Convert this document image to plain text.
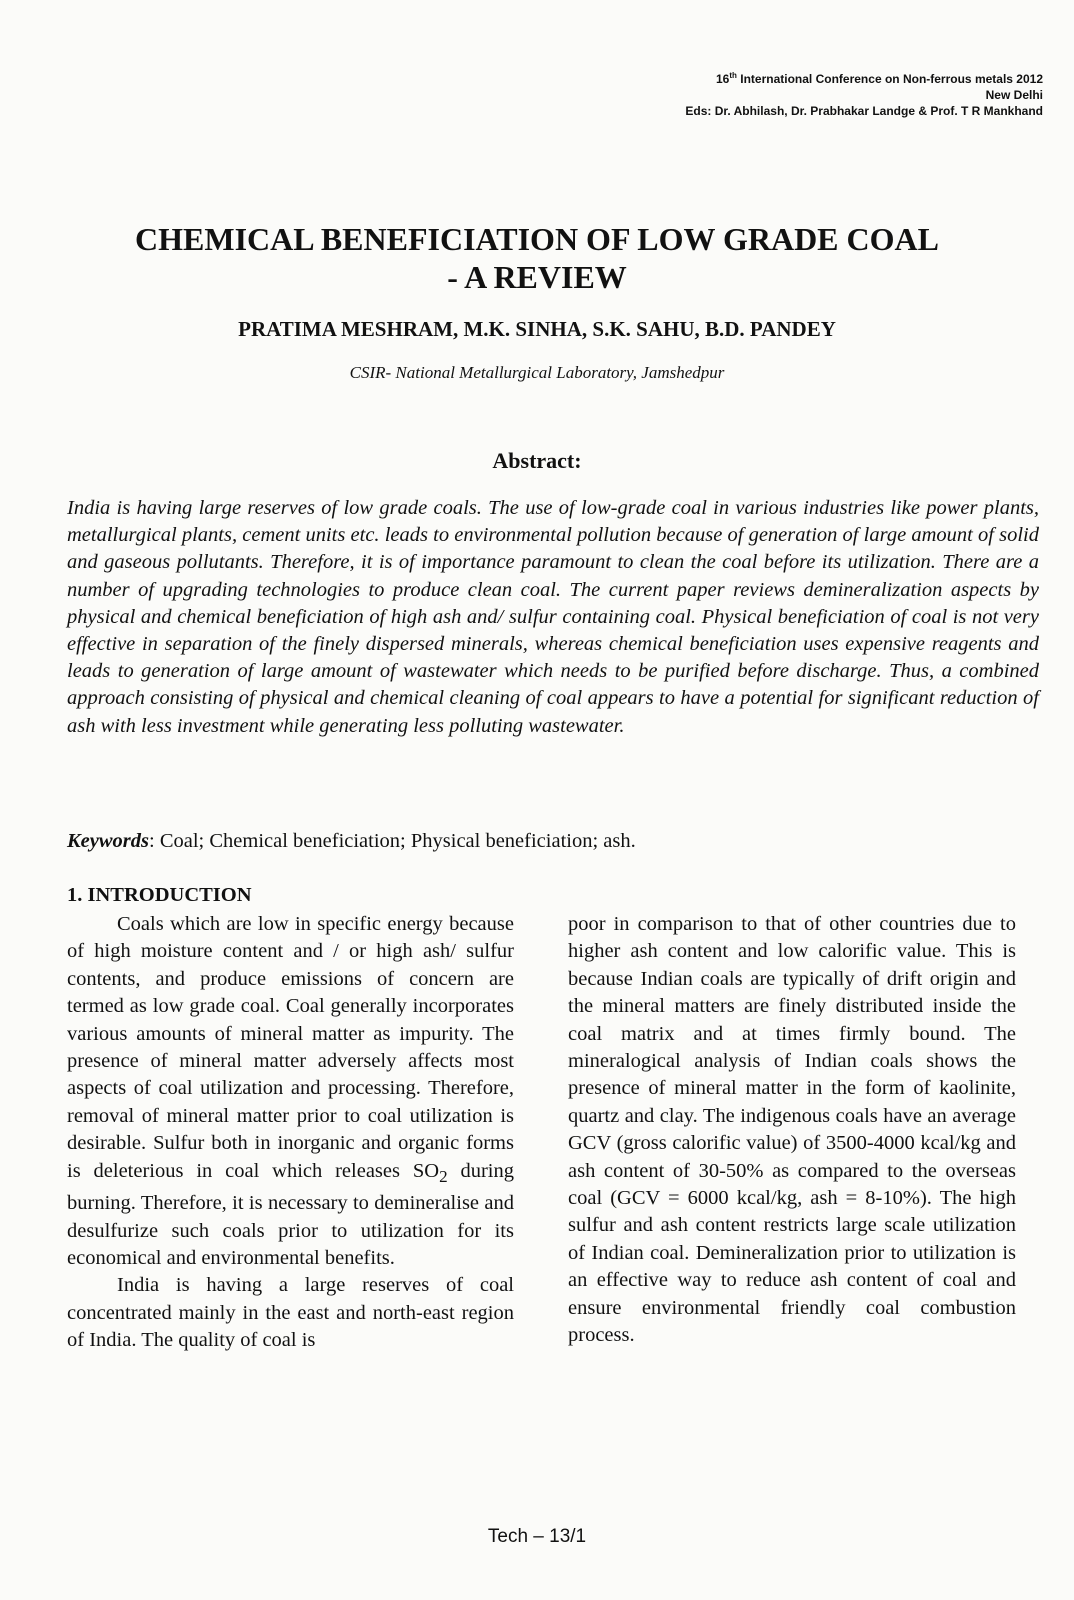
16th International Conference on Non-ferrous metals 2012
New Delhi
Eds: Dr. Abhilash, Dr. Prabhakar Landge & Prof. T R Mankhand
CHEMICAL BENEFICIATION OF LOW GRADE COAL
- A REVIEW
PRATIMA MESHRAM, M.K. SINHA, S.K. SAHU, B.D. PANDEY
CSIR- National Metallurgical Laboratory, Jamshedpur
Abstract:
India is having large reserves of low grade coals. The use of low-grade coal in various industries like power plants, metallurgical plants, cement units etc. leads to environmental pollution because of generation of large amount of solid and gaseous pollutants. Therefore, it is of importance paramount to clean the coal before its utilization. There are a number of upgrading technologies to produce clean coal. The current paper reviews demineralization aspects by physical and chemical beneficiation of high ash and/ sulfur containing coal. Physical beneficiation of coal is not very effective in separation of the finely dispersed minerals, whereas chemical beneficiation uses expensive reagents and leads to generation of large amount of wastewater which needs to be purified before discharge. Thus, a combined approach consisting of physical and chemical cleaning of coal appears to have a potential for significant reduction of ash with less investment while generating less polluting wastewater.
Keywords: Coal; Chemical beneficiation; Physical beneficiation; ash.
1. INTRODUCTION

Coals which are low in specific energy because of high moisture content and / or high ash/ sulfur contents, and produce emissions of concern are termed as low grade coal. Coal generally incorporates various amounts of mineral matter as impurity. The presence of mineral matter adversely affects most aspects of coal utilization and processing. Therefore, removal of mineral matter prior to coal utilization is desirable. Sulfur both in inorganic and organic forms is deleterious in coal which releases $SO_2$ during burning. Therefore, it is necessary to demineralise and desulfurize such coals prior to utilization for its economical and environmental benefits.

India is having a large reserves of coal concentrated mainly in the east and north-east region of India. The quality of coal is

poor in comparison to that of other countries due to higher ash content and low calorific value. This is because Indian coals are typically of drift origin and the mineral matters are finely distributed inside the coal matrix and at times firmly bound. The mineralogical analysis of Indian coals shows the presence of mineral matter in the form of kaolinite, quartz and clay. The indigenous coals have an average GCV (gross calorific value) of 3500-4000 kcal/kg and ash content of 30-50% as compared to the overseas coal (GCV = 6000 kcal/kg, ash = 8-10%). The high sulfur and ash content restricts large scale utilization of Indian coal. Demineralization prior to utilization is an effective way to reduce ash content of coal and ensure environmental friendly coal combustion process.

Tech – 13/1
